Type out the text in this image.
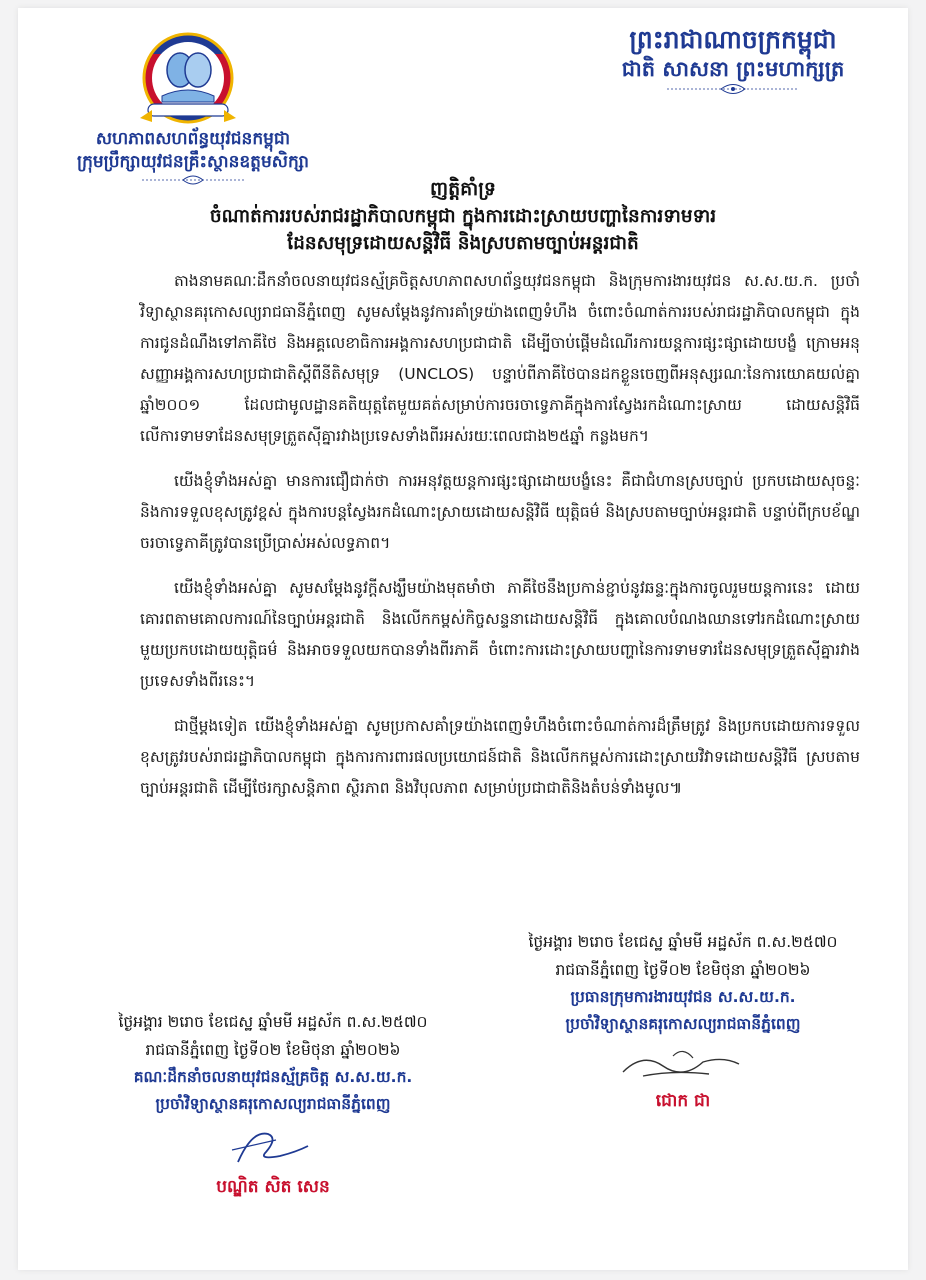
សហភាពសហព័ន្ធយុវជនកម្ពុជា
ក្រុមប្រឹក្សាយុវជនគ្រឹះស្ថានឧត្តមសិក្សា
ព្រះរាជាណាចក្រកម្ពុជា
ជាតិ សាសនា ព្រះមហាក្សត្រ
ញត្តិគាំទ្រ
ចំណាត់ការរបស់រាជរដ្ឋាភិបាលកម្ពុជា ក្នុងការដោះស្រាយបញ្ហានៃការទាមទារ
ដែនសមុទ្រដោយសន្តិវិធី និងស្របតាមច្បាប់អន្តរជាតិ

តាងនាមគណៈដឹកនាំចលនាយុវជនស្ម័គ្រចិត្តសហភាពសហព័ន្ធយុវជនកម្ពុជា និងក្រុមការងារយុវជន ស.ស.យ.ក. ប្រចាំវិទ្យាស្ថានគរុកោសល្យរាជធានីភ្នំពេញ សូមសម្តែងនូវការគាំទ្រយ៉ាងពេញទំហឹង ចំពោះចំណាត់ការរបស់រាជរដ្ឋាភិបាលកម្ពុជា ក្នុងការជូនដំណឹងទៅភាគីថៃ និងអគ្គលេខាធិការអង្គការសហប្រជាជាតិ ដើម្បីចាប់ផ្តើមដំណើរការយន្តការផ្សះផ្សាដោយបង្ខំ ក្រោមអនុសញ្ញាអង្គការសហប្រជាជាតិស្តីពីនីតិសមុទ្រ (UNCLOS) បន្ទាប់ពីភាគីថៃបានដកខ្លួនចេញពីអនុស្សរណៈនៃការយោគយល់គ្នាឆ្នាំ២០០១ ដែលជាមូលដ្ឋានគតិយុត្តតែមួយគត់សម្រាប់ការចរចាទ្វេភាគីក្នុងការស្វែងរកដំណោះស្រាយ ដោយសន្តិវិធីលើការទាមទាដែនសមុទ្រត្រួតស៊ីគ្នារវាងប្រទេសទាំងពីរអស់រយៈពេលជាង២៥ឆ្នាំ កន្លងមក។

យើងខ្ញុំទាំងអស់គ្នា មានការជឿជាក់ថា ការអនុវត្តយន្តការផ្សះផ្សាដោយបង្ខំនេះ គឺជាជំហានស្របច្បាប់ ប្រកបដោយសុចន្ទៈនិងការទទួលខុសត្រូវខ្ពស់ ក្នុងការបន្តស្វែងរកដំណោះស្រាយដោយសន្តិវិធី យុត្តិធម៌ និងស្របតាមច្បាប់អន្តរជាតិ បន្ទាប់ពីក្របខ័ណ្ឌចរចាទ្វេភាគីត្រូវបានប្រើប្រាស់អស់លទ្ធភាព។

យើងខ្ញុំទាំងអស់គ្នា សូមសម្តែងនូវក្តីសង្ឃឹមយ៉ាងមុតមាំថា ភាគីថៃនឹងប្រកាន់ខ្ជាប់នូវឆន្ទៈក្នុងការចូលរួមយន្តការនេះ ដោយគោរពតាមគោលការណ៍នៃច្បាប់អន្តរជាតិ និងលើកកម្ពស់កិច្ចសន្ទនាដោយសន្តិវិធី ក្នុងគោលបំណងឈានទៅរកដំណោះស្រាយមួយប្រកបដោយយុត្តិធម៌ និងអាចទទួលយកបានទាំងពីរភាគី ចំពោះការដោះស្រាយបញ្ហានៃការទាមទារដែនសមុទ្រត្រួតស៊ីគ្នារវាងប្រទេសទាំងពីរនេះ។

ជាថ្មីម្តងទៀត យើងខ្ញុំទាំងអស់គ្នា សូមប្រកាសគាំទ្រយ៉ាងពេញទំហឹងចំពោះចំណាត់ការដ៏ត្រឹមត្រូវ និងប្រកបដោយការទទួលខុសត្រូវរបស់រាជរដ្ឋាភិបាលកម្ពុជា ក្នុងការការពារផលប្រយោជន៍ជាតិ និងលើកកម្ពស់ការដោះស្រាយវិវាទដោយសន្តិវិធី ស្របតាមច្បាប់អន្តរជាតិ ដើម្បីថែរក្សាសន្តិភាព ស្ថិរភាព និងវិបុលភាព សម្រាប់ប្រជាជាតិនិងតំបន់ទាំងមូល៕

ថ្ងៃអង្គារ ២រោច ខែជេស្ឋ ឆ្នាំមមី អដ្ឋស័ក ព.ស.២៥៧០
រាជធានីភ្នំពេញ ថ្ងៃទី០២ ខែមិថុនា ឆ្នាំ២០២៦
ប្រធានក្រុមការងារយុវជន ស.ស.យ.ក.
ប្រចាំវិទ្យាស្ថានគរុកោសល្យរាជធានីភ្នំពេញ
ជោក ជា
ថ្ងៃអង្គារ ២រោច ខែជេស្ឋ ឆ្នាំមមី អដ្ឋស័ក ព.ស.២៥៧០
រាជធានីភ្នំពេញ ថ្ងៃទី០២ ខែមិថុនា ឆ្នាំ២០២៦
គណៈដឹកនាំចលនាយុវជនស្ម័គ្រចិត្ត ស.ស.យ.ក.
ប្រចាំវិទ្យាស្ថានគរុកោសល្យរាជធានីភ្នំពេញ
បណ្ឌិត សិត សេន
